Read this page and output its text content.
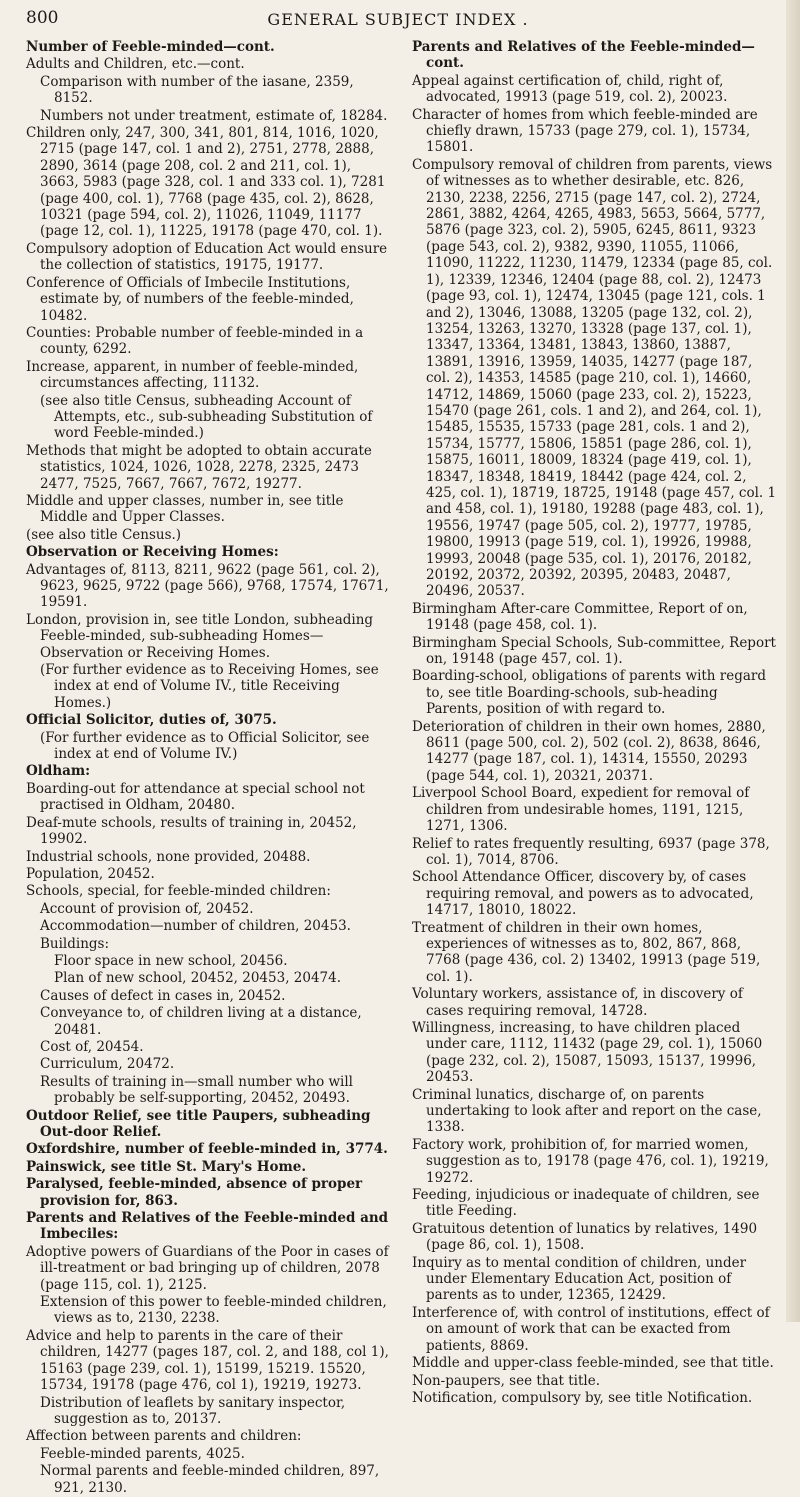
800	GENERAL SUBJECT INDEX .
Number of Feeble-minded—cont.
Adults and Children, etc.—cont.
Comparison with number of the iasane, 2359, 8152.
Numbers not under treatment, estimate of, 18284.
Children only, 247, 300, 341, 801, 814, 1016, 1020, 2715 (page 147, col. 1 and 2), 2751, 2778, 2888, 2890, 3614 (page 208, col. 2 and 211, col. 1), 3663, 5983 (page 328, col. 1 and 333 col. 1), 7281 (page 400, col. 1), 7768 (page 435, col. 2), 8628, 10321 (page 594, col. 2), 11026, 11049, 11177 (page 12, col. 1), 11225, 19178 (page 470, col. 1).
Compulsory adoption of Education Act would ensure the collection of statistics, 19175, 19177.
Conference of Officials of Imbecile Institutions, estimate by, of numbers of the feeble-minded, 10482.
Counties: Probable number of feeble-minded in a county, 6292.
Increase, apparent, in number of feeble-minded, circumstances affecting, 11132.
(see also title Census, subheading Account of Attempts, etc., sub-subheading Substitution of word Feeble-minded.)
Methods that might be adopted to obtain accurate statistics, 1024, 1026, 1028, 2278, 2325, 2473 2477, 7525, 7667, 7667, 7672, 19277.
Middle and upper classes, number in, see title Middle and Upper Classes.
(see also title Census.)
Observation or Receiving Homes:
Advantages of, 8113, 8211, 9622 (page 561, col. 2), 9623, 9625, 9722 (page 566), 9768, 17574, 17671, 19591.
London, provision in, see title London, subheading Feeble-minded, sub-subheading Homes—Observation or Receiving Homes.
(For further evidence as to Receiving Homes, see index at end of Volume IV., title Receiving Homes.)
Official Solicitor, duties of, 3075.
(For further evidence as to Official Solicitor, see index at end of Volume IV.)
Oldham:
Boarding-out for attendance at special school not practised in Oldham, 20480.
Deaf-mute schools, results of training in, 20452, 19902.
Industrial schools, none provided, 20488.
Population, 20452.
Schools, special, for feeble-minded children:
Account of provision of, 20452.
Accommodation—number of children, 20453.
Buildings:
Floor space in new school, 20456.
Plan of new school, 20452, 20453, 20474.
Causes of defect in cases in, 20452.
Conveyance to, of children living at a distance, 20481.
Cost of, 20454.
Curriculum, 20472.
Results of training in—small number who will probably be self-supporting, 20452, 20493.
Outdoor Relief, see title Paupers, subheading Out-door Relief.
Oxfordshire, number of feeble-minded in, 3774.
Painswick, see title St. Mary's Home.
Paralysed, feeble-minded, absence of proper provision for, 863.
Parents and Relatives of the Feeble-minded and Imbeciles:
Adoptive powers of Guardians of the Poor in cases of ill-treatment or bad bringing up of children, 2078 (page 115, col. 1), 2125.
Extension of this power to feeble-minded children, views as to, 2130, 2238.
Advice and help to parents in the care of their children, 14277 (pages 187, col. 2, and 188, col 1), 15163 (page 239, col. 1), 15199, 15219. 15520, 15734, 19178 (page 476, col 1), 19219, 19273.
Distribution of leaflets by sanitary inspector, suggestion as to, 20137.
Affection between parents and children:
Feeble-minded parents, 4025.
Normal parents and feeble-minded children, 897, 921, 2130.
Parents and Relatives of the Feeble-minded—cont.
Appeal against certification of, child, right of, advocated, 19913 (page 519, col. 2), 20023.
Character of homes from which feeble-minded are chiefly drawn, 15733 (page 279, col. 1), 15734, 15801.
Compulsory removal of children from parents, views of witnesses as to whether desirable, etc. 826, 2130, 2238, 2256, 2715 (page 147, col. 2), 2724, 2861, 3882, 4264, 4265, 4983, 5653, 5664, 5777, 5876 (page 323, col. 2), 5905, 6245, 8611, 9323 (page 543, col. 2), 9382, 9390, 11055, 11066, 11090, 11222, 11230, 11479, 12334 (page 85, col. 1), 12339, 12346, 12404 (page 88, col. 2), 12473 (page 93, col. 1), 12474, 13045 (page 121, cols. 1 and 2), 13046, 13088, 13205 (page 132, col. 2), 13254, 13263, 13270, 13328 (page 137, col. 1), 13347, 13364, 13481, 13843, 13860, 13887, 13891, 13916, 13959, 14035, 14277 (page 187, col. 2), 14353, 14585 (page 210, col. 1), 14660, 14712, 14869, 15060 (page 233, col. 2), 15223, 15470 (page 261, cols. 1 and 2), and 264, col. 1), 15485, 15535, 15733 (page 281, cols. 1 and 2), 15734, 15777, 15806, 15851 (page 286, col. 1), 15875, 16011, 18009, 18324 (page 419, col. 1), 18347, 18348, 18419, 18442 (page 424, col. 2, 425, col. 1), 18719, 18725, 19148 (page 457, col. 1 and 458, col. 1), 19180, 19288 (page 483, col. 1), 19556, 19747 (page 505, col. 2), 19777, 19785, 19800, 19913 (page 519, col. 1), 19926, 19988, 19993, 20048 (page 535, col. 1), 20176, 20182, 20192, 20372, 20392, 20395, 20483, 20487, 20496, 20537.
Birmingham After-care Committee, Report of on, 19148 (page 458, col. 1).
Birmingham Special Schools, Sub-committee, Report on, 19148 (page 457, col. 1).
Boarding-school, obligations of parents with regard to, see title Boarding-schools, sub-heading Parents, position of with regard to.
Deterioration of children in their own homes, 2880, 8611 (page 500, col. 2), 502 (col. 2), 8638, 8646, 14277 (page 187, col. 1), 14314, 15550, 20293 (page 544, col. 1), 20321, 20371.
Liverpool School Board, expedient for removal of children from undesirable homes, 1191, 1215, 1271, 1306.
Relief to rates frequently resulting, 6937 (page 378, col. 1), 7014, 8706.
School Attendance Officer, discovery by, of cases requiring removal, and powers as to advocated, 14717, 18010, 18022.
Treatment of children in their own homes, experiences of witnesses as to, 802, 867, 868, 7768 (page 436, col. 2) 13402, 19913 (page 519, col. 1).
Voluntary workers, assistance of, in discovery of cases requiring removal, 14728.
Willingness, increasing, to have children placed under care, 1112, 11432 (page 29, col. 1), 15060 (page 232, col. 2), 15087, 15093, 15137, 19996, 20453.
Criminal lunatics, discharge of, on parents undertaking to look after and report on the case, 1338.
Factory work, prohibition of, for married women, suggestion as to, 19178 (page 476, col. 1), 19219, 19272.
Feeding, injudicious or inadequate of children, see title Feeding.
Gratuitous detention of lunatics by relatives, 1490 (page 86, col. 1), 1508.
Inquiry as to mental condition of children, under under Elementary Education Act, position of parents as to under, 12365, 12429.
Interference of, with control of institutions, effect of on amount of work that can be exacted from patients, 8869.
Middle and upper-class feeble-minded, see that title.
Non-paupers, see that title.
Notification, compulsory by, see title Notification.
